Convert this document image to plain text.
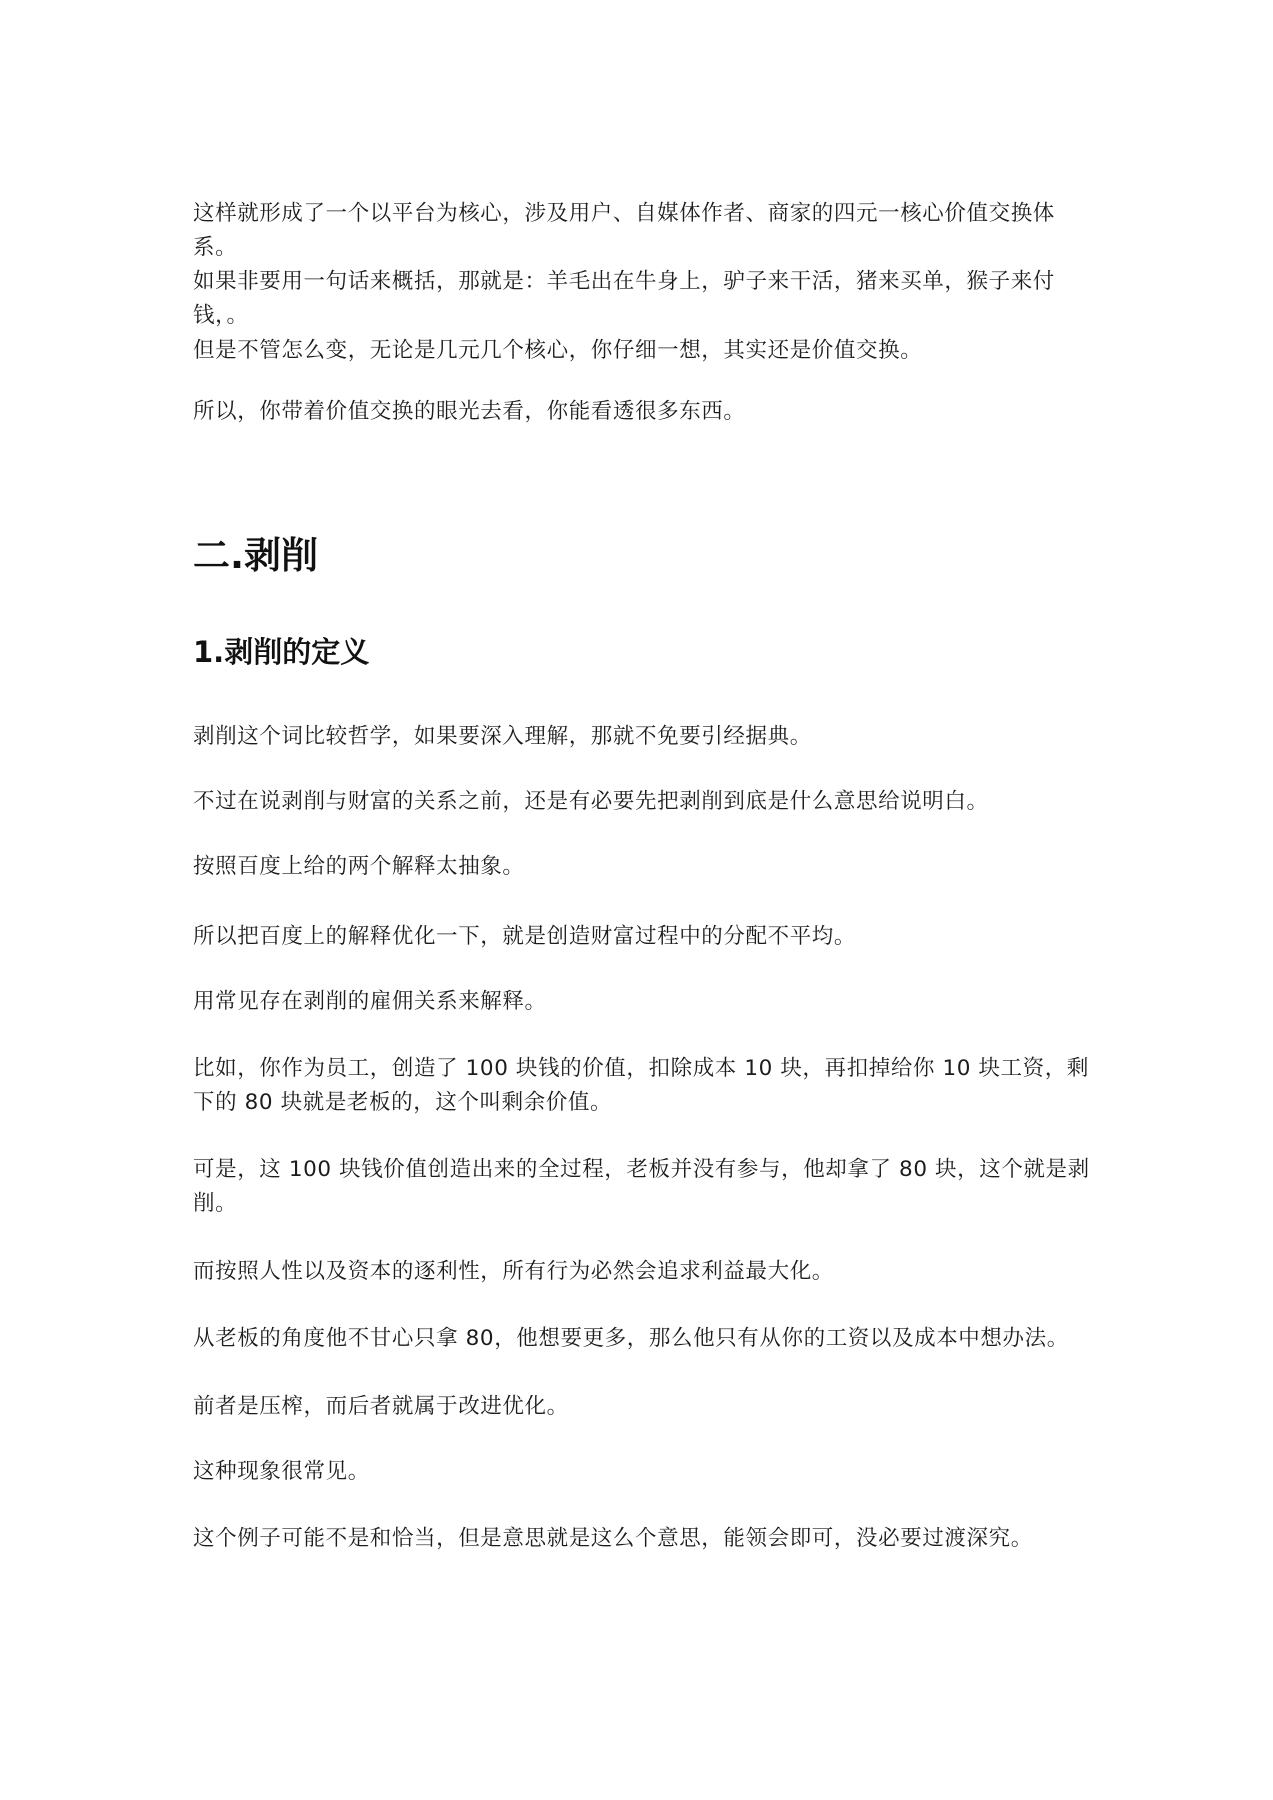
这样就形成了一个以平台为核心，涉及用户、自媒体作者、商家的四元一核心价值交换体系。

如果非要用一句话来概括，那就是：羊毛出在牛身上，驴子来干活，猪来买单，猴子来付钱，。

但是不管怎么变，无论是几元几个核心，你仔细一想，其实还是价值交换。

所以，你带着价值交换的眼光去看，你能看透很多东西。

二.剥削
1.剥削的定义

剥削这个词比较哲学，如果要深入理解，那就不免要引经据典。

不过在说剥削与财富的关系之前，还是有必要先把剥削到底是什么意思给说明白。

按照百度上给的两个解释太抽象。

所以把百度上的解释优化一下，就是创造财富过程中的分配不平均。

用常见存在剥削的雇佣关系来解释。

比如，你作为员工，创造了 100 块钱的价值，扣除成本 10 块，再扣掉给你 10 块工资，剩下的 80 块就是老板的，这个叫剩余价值。

可是，这 100 块钱价值创造出来的全过程，老板并没有参与，他却拿了 80 块，这个就是剥削。

而按照人性以及资本的逐利性，所有行为必然会追求利益最大化。

从老板的角度他不甘心只拿 80，他想要更多，那么他只有从你的工资以及成本中想办法。

前者是压榨，而后者就属于改进优化。

这种现象很常见。

这个例子可能不是和恰当，但是意思就是这么个意思，能领会即可，没必要过渡深究。
